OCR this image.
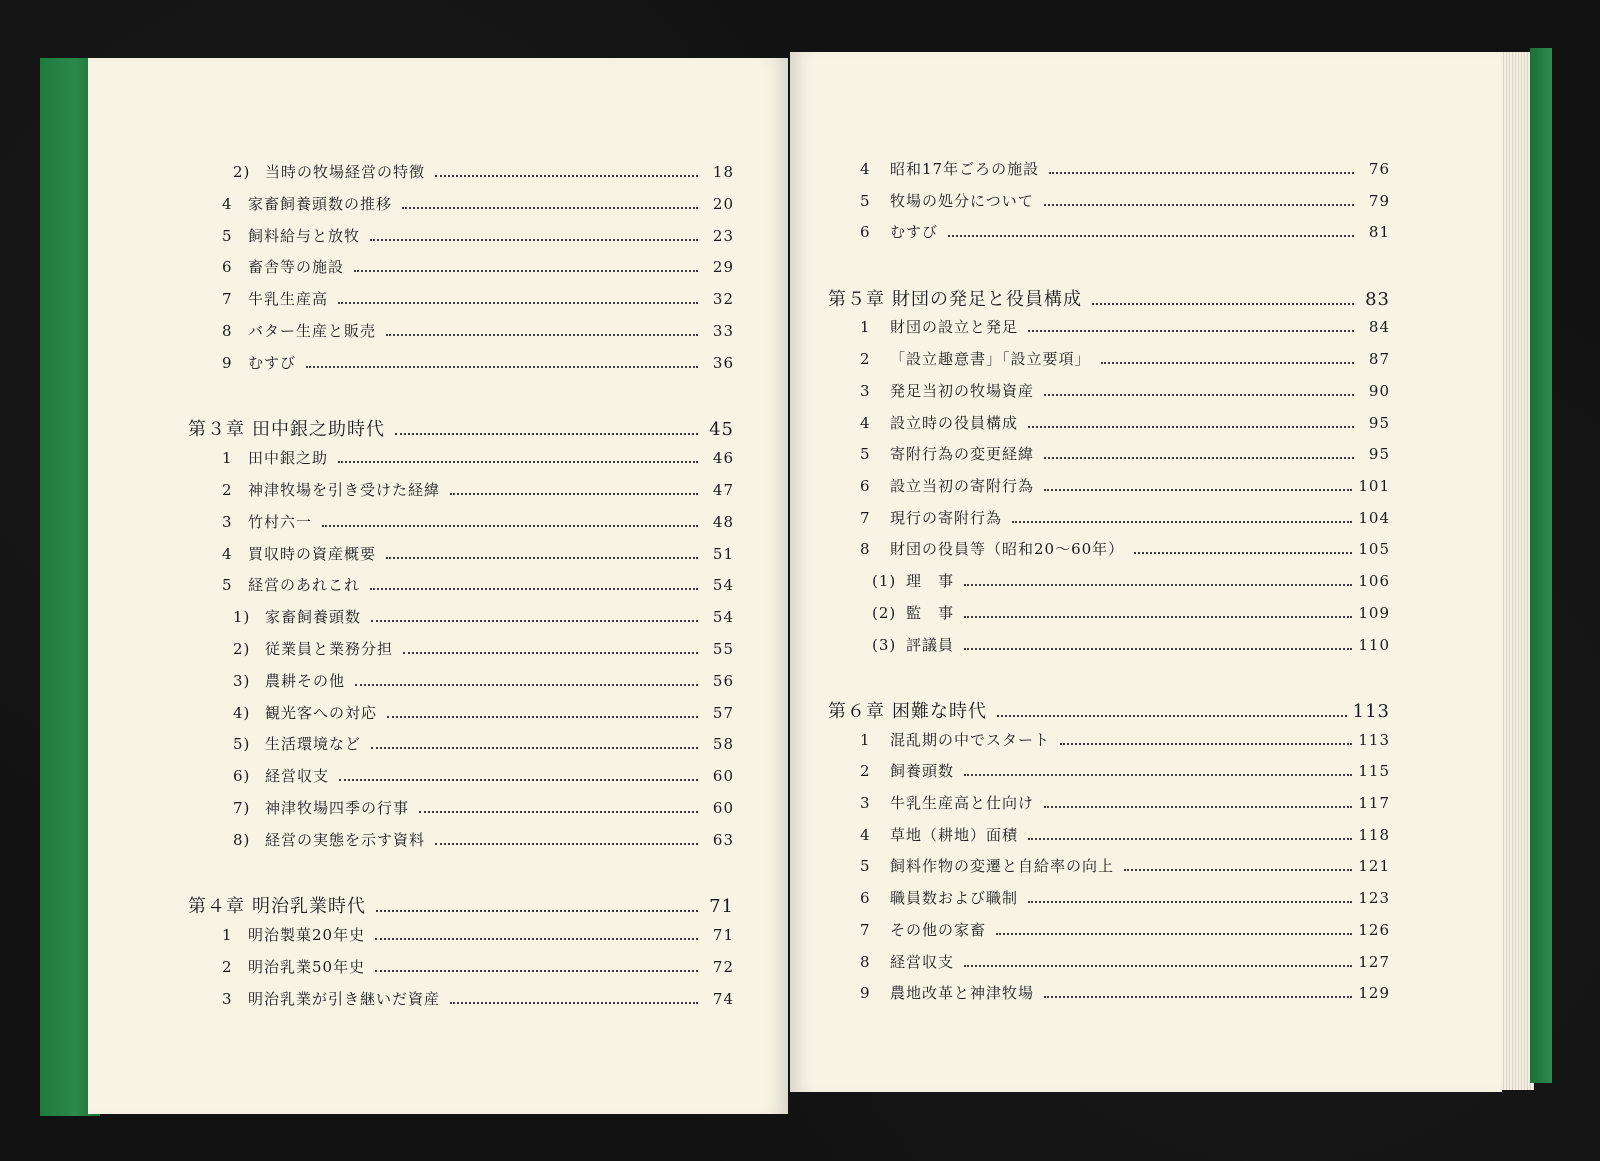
2) 当時の牧場経営の特徴	18
4	家畜飼養頭数の推移	20
5	飼料給与と放牧	23
6	畜舎等の施設	29
7	牛乳生産高	32
8	バター生産と販売	33
9	むすび	36
第３章 田中銀之助時代	45
1	田中銀之助	46
2	神津牧場を引き受けた経緯	47
3	竹村六一	48
4	買収時の資産概要	51
5	経営のあれこれ	54
1) 家畜飼養頭数	54
2) 従業員と業務分担	55
3) 農耕その他	56
4) 観光客への対応	57
5) 生活環境など	58
6) 経営収支	60
7) 神津牧場四季の行事	60
8) 経営の実態を示す資料	63
第４章 明治乳業時代	71
1	明治製菓20年史	71
2	明治乳業50年史	72
3	明治乳業が引き継いだ資産	74
4	昭和17年ごろの施設	76
5	牧場の処分について	79
6	むすび	81
第５章 財団の発足と役員構成	83
1	財団の設立と発足	84
2	「設立趣意書」「設立要項」	87
3	発足当初の牧場資産	90
4	設立時の役員構成	95
5	寄附行為の変更経緯	95
6	設立当初の寄附行為	101
7	現行の寄附行為	104
8	財団の役員等（昭和20～60年）	105
(1) 理　事	106
(2) 監　事	109
(3) 評議員	110
第６章 困難な時代	113
1	混乱期の中でスタート	113
2	飼養頭数	115
3	牛乳生産高と仕向け	117
4	草地（耕地）面積	118
5	飼料作物の変遷と自給率の向上	121
6	職員数および職制	123
7	その他の家畜	126
8	経営収支	127
9	農地改革と神津牧場	129
